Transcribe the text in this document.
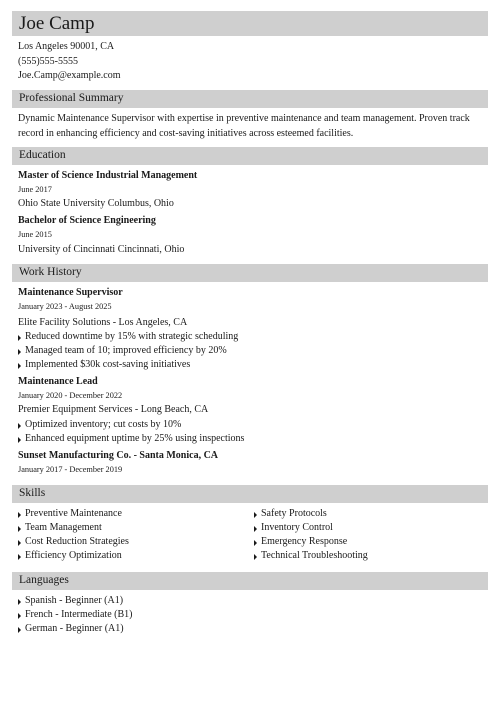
Joe Camp
Los Angeles 90001, CA
(555)555-5555
Joe.Camp@example.com
Professional Summary
Dynamic Maintenance Supervisor with expertise in preventive maintenance and team management. Proven track record in enhancing efficiency and cost-saving initiatives across esteemed facilities.
Education
Master of Science Industrial Management
June 2017
Ohio State University Columbus, Ohio
Bachelor of Science Engineering
June 2015
University of Cincinnati Cincinnati, Ohio
Work History
Maintenance Supervisor
January 2023 - August 2025
Elite Facility Solutions - Los Angeles, CA
Reduced downtime by 15% with strategic scheduling
Managed team of 10; improved efficiency by 20%
Implemented $30k cost-saving initiatives
Maintenance Lead
January 2020 - December 2022
Premier Equipment Services - Long Beach, CA
Optimized inventory; cut costs by 10%
Enhanced equipment uptime by 25% using inspections
Sunset Manufacturing Co. - Santa Monica, CA
January 2017 - December 2019
Skills
Preventive Maintenance
Team Management
Cost Reduction Strategies
Efficiency Optimization
Safety Protocols
Inventory Control
Emergency Response
Technical Troubleshooting
Languages
Spanish - Beginner (A1)
French - Intermediate (B1)
German - Beginner (A1)
